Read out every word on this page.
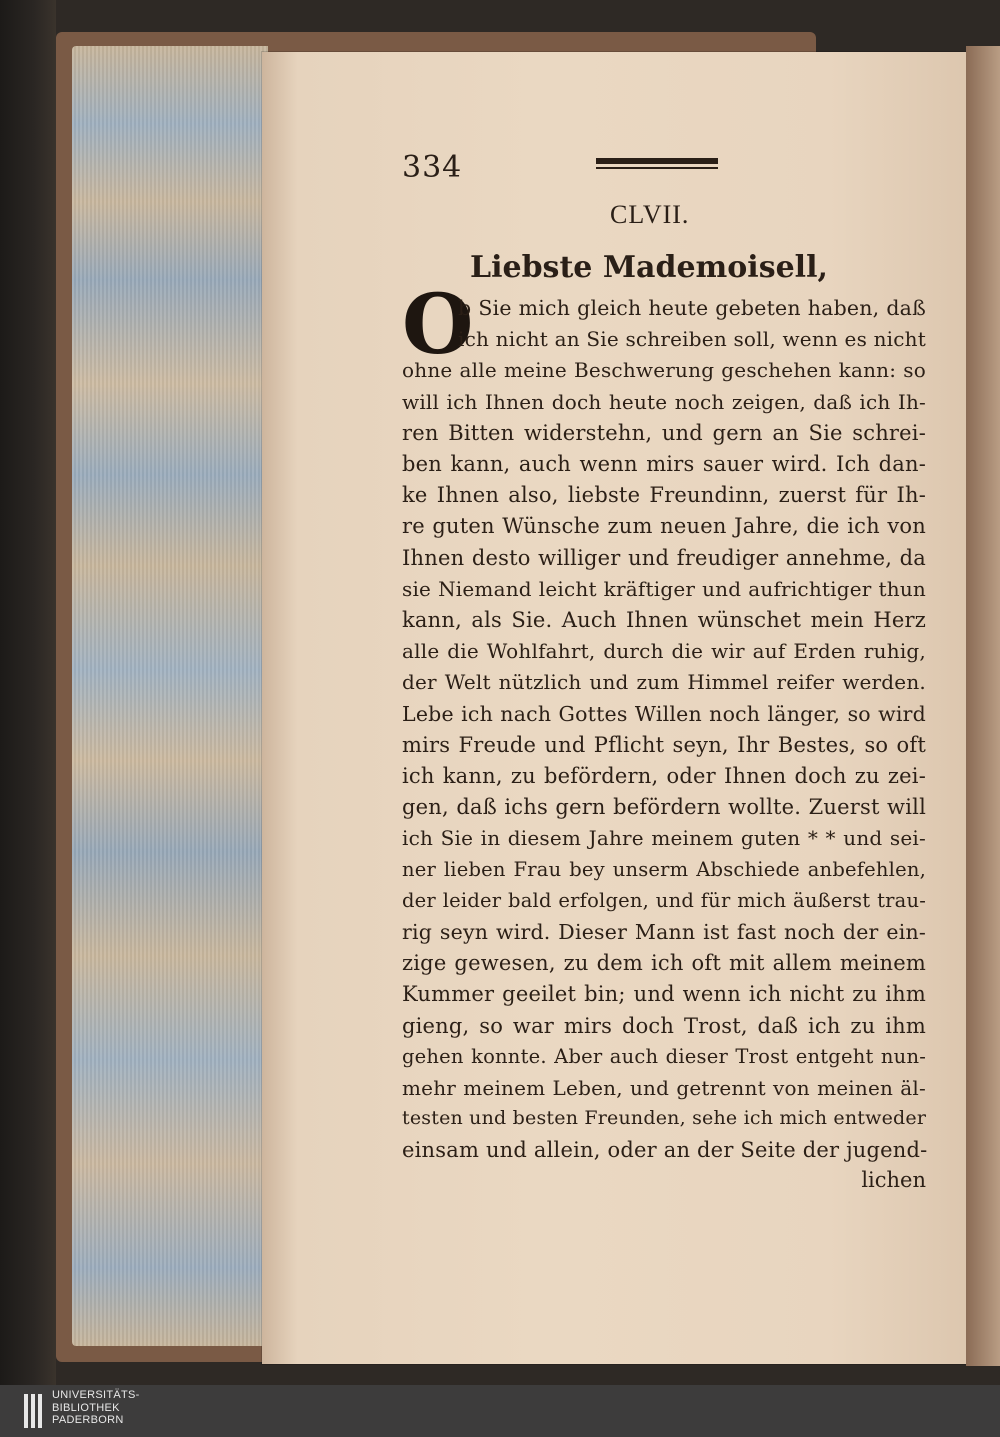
334
CLVII.
Liebste Mademoisell,
O
b Sie mich gleich heute gebeten haben, daß
ich nicht an Sie schreiben soll, wenn es nicht
ohne alle meine Beschwerung geschehen kann: so
will ich Ihnen doch heute noch zeigen, daß ich Ih-
ren Bitten widerstehn, und gern an Sie schrei-
ben kann, auch wenn mirs sauer wird. Ich dan-
ke Ihnen also, liebste Freundinn, zuerst für Ih-
re guten Wünsche zum neuen Jahre, die ich von
Ihnen desto williger und freudiger annehme, da
sie Niemand leicht kräftiger und aufrichtiger thun
kann, als Sie. Auch Ihnen wünschet mein Herz
alle die Wohlfahrt, durch die wir auf Erden ruhig,
der Welt nützlich und zum Himmel reifer werden.
Lebe ich nach Gottes Willen noch länger, so wird
mirs Freude und Pflicht seyn, Ihr Bestes, so oft
ich kann, zu befördern, oder Ihnen doch zu zei-
gen, daß ichs gern befördern wollte. Zuerst will
ich Sie in diesem Jahre meinem guten * * und sei-
ner lieben Frau bey unserm Abschiede anbefehlen,
der leider bald erfolgen, und für mich äußerst trau-
rig seyn wird. Dieser Mann ist fast noch der ein-
zige gewesen, zu dem ich oft mit allem meinem
Kummer geeilet bin; und wenn ich nicht zu ihm
gieng, so war mirs doch Trost, daß ich zu ihm
gehen konnte. Aber auch dieser Trost entgeht nun-
mehr meinem Leben, und getrennt von meinen äl-
testen und besten Freunden, sehe ich mich entweder
einsam und allein, oder an der Seite der jugend-
lichen
UNIVERSITÄTS-
BIBLIOTHEK
PADERBORN
